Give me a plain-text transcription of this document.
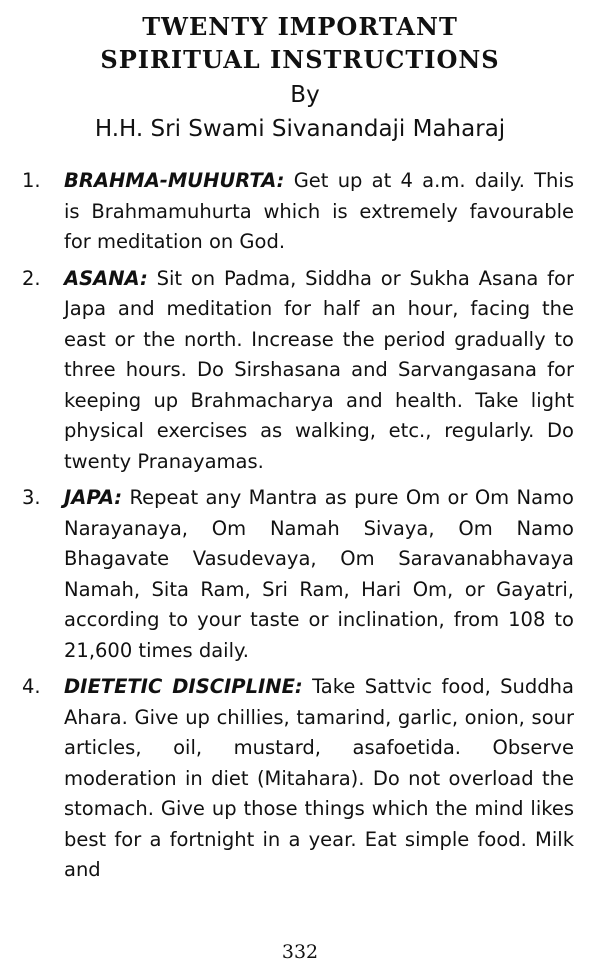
TWENTY IMPORTANT
SPIRITUAL INSTRUCTIONS

By

H.H. Sri Swami Sivanandaji Maharaj

1. BRAHMA-MUHURTA: Get up at 4 a.m. daily. This is Brahmamuhurta which is extremely favourable for meditation on God.
2. ASANA: Sit on Padma, Siddha or Sukha Asana for Japa and meditation for half an hour, facing the east or the north. Increase the period gradually to three hours. Do Sirshasana and Sarvangasana for keeping up Brahmacharya and health. Take light physical exercises as walking, etc., regularly. Do twenty Pranayamas.
3. JAPA: Repeat any Mantra as pure Om or Om Namo Narayanaya, Om Namah Sivaya, Om Namo Bhagavate Vasudevaya, Om Saravanabhavaya Namah, Sita Ram, Sri Ram, Hari Om, or Gayatri, according to your taste or inclination, from 108 to 21,600 times daily.
4. DIETETIC DISCIPLINE: Take Sattvic food, Suddha Ahara. Give up chillies, tamarind, garlic, onion, sour articles, oil, mustard, asafoetida. Observe moderation in diet (Mitahara). Do not overload the stomach. Give up those things which the mind likes best for a fortnight in a year. Eat simple food. Milk and

332
